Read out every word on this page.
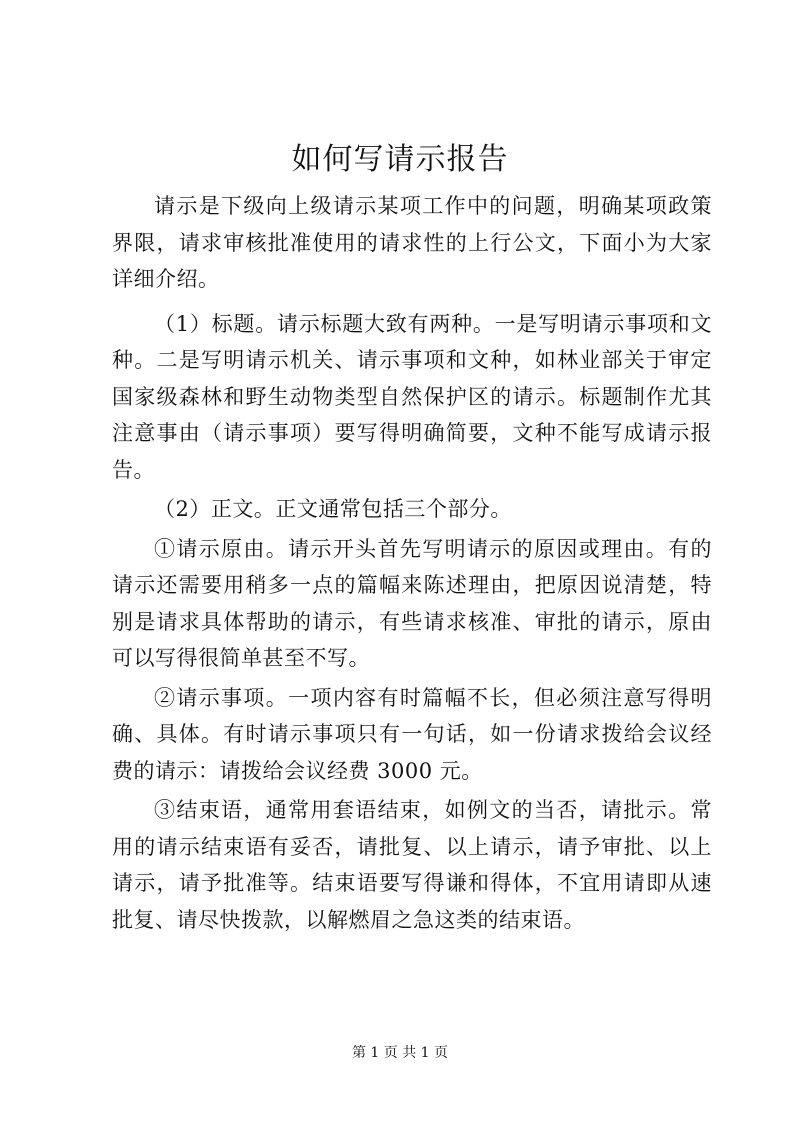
如何写请示报告

请示是下级向上级请示某项工作中的问题，明确某项政策界限，请求审核批准使用的请求性的上行公文，下面小为大家详细介绍。

（1）标题。请示标题大致有两种。一是写明请示事项和文种。二是写明请示机关、请示事项和文种，如林业部关于审定国家级森林和野生动物类型自然保护区的请示。标题制作尤其注意事由（请示事项）要写得明确简要，文种不能写成请示报告。

（2）正文。正文通常包括三个部分。

①请示原由。请示开头首先写明请示的原因或理由。有的请示还需要用稍多一点的篇幅来陈述理由，把原因说清楚，特别是请求具体帮助的请示，有些请求核准、审批的请示，原由可以写得很简单甚至不写。

②请示事项。一项内容有时篇幅不长，但必须注意写得明确、具体。有时请示事项只有一句话，如一份请求拨给会议经费的请示：请拨给会议经费 3000 元。

③结束语，通常用套语结束，如例文的当否，请批示。常用的请示结束语有妥否，请批复、以上请示，请予审批、以上请示，请予批准等。结束语要写得谦和得体，不宜用请即从速批复、请尽快拨款，以解燃眉之急这类的结束语。

第 1 页 共 1 页
